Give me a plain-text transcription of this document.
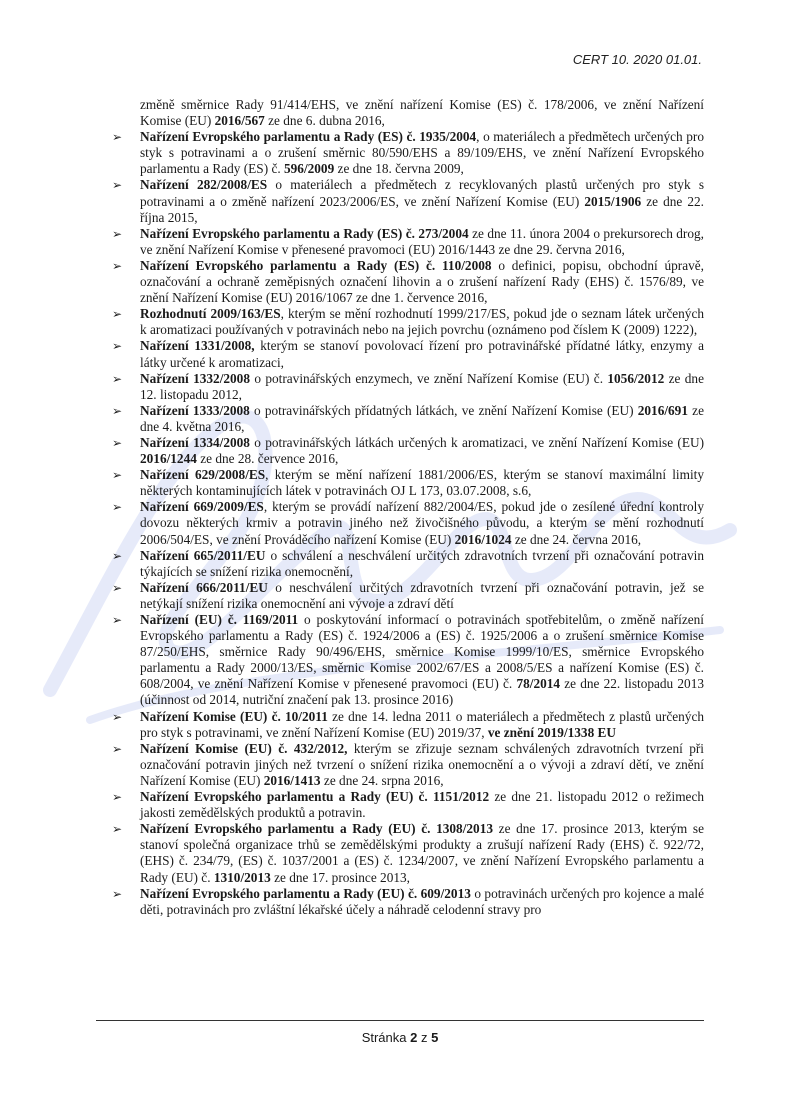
CERT 10. 2020 01.01.

změně směrnice Rady 91/414/EHS, ve znění nařízení Komise (ES) č. 178/2006, ve znění Nařízení Komise (EU) 2016/567 ze dne 6. dubna 2016,

➢ Nařízení Evropského parlamentu a Rady (ES) č. 1935/2004, o materiálech a předmětech určených pro styk s potravinami a o zrušení směrnic 80/590/EHS a 89/109/EHS, ve znění Nařízení Evropského parlamentu a Rady (ES) č. 596/2009 ze dne 18. června 2009,

➢ Nařízení 282/2008/ES o materiálech a předmětech z recyklovaných plastů určených pro styk s potravinami a o změně nařízení 2023/2006/ES, ve znění Nařízení Komise (EU) 2015/1906 ze dne 22. října 2015,

➢ Nařízení Evropského parlamentu a Rady (ES) č. 273/2004 ze dne 11. února 2004 o prekursorech drog, ve znění Nařízení Komise v přenesené pravomoci (EU) 2016/1443 ze dne 29. června 2016,

➢ Nařízení Evropského parlamentu a Rady (ES) č. 110/2008 o definici, popisu, obchodní úpravě, označování a ochraně zeměpisných označení lihovin a o zrušení nařízení Rady (EHS) č. 1576/89, ve znění Nařízení Komise (EU) 2016/1067 ze dne 1. července 2016,

➢ Rozhodnutí 2009/163/ES, kterým se mění rozhodnutí 1999/217/ES, pokud jde o seznam látek určených k aromatizaci používaných v potravinách nebo na jejich povrchu (oznámeno pod číslem K (2009) 1222),

➢ Nařízení 1331/2008, kterým se stanoví povolovací řízení pro potravinářské přídatné látky, enzymy a látky určené k aromatizaci,

➢ Nařízení 1332/2008 o potravinářských enzymech, ve znění Nařízení Komise (EU) č. 1056/2012 ze dne 12. listopadu 2012,

➢ Nařízení 1333/2008 o potravinářských přídatných látkách, ve znění Nařízení Komise (EU) 2016/691 ze dne 4. května 2016,

➢ Nařízení 1334/2008 o potravinářských látkách určených k aromatizaci, ve znění Nařízení Komise (EU) 2016/1244 ze dne 28. července 2016,

➢ Nařízení 629/2008/ES, kterým se mění nařízení 1881/2006/ES, kterým se stanoví maximální limity některých kontaminujících látek v potravinách OJ L 173, 03.07.2008, s.6,

➢ Nařízení 669/2009/ES, kterým se provádí nařízení 882/2004/ES, pokud jde o zesílené úřední kontroly dovozu některých krmiv a potravin jiného než živočišného původu, a kterým se mění rozhodnutí 2006/504/ES, ve znění Prováděcího nařízení Komise (EU) 2016/1024 ze dne 24. června 2016,

➢ Nařízení 665/2011/EU o schválení a neschválení určitých zdravotních tvrzení při označování potravin týkajících se snížení rizika onemocnění,

➢ Nařízení 666/2011/EU o neschválení určitých zdravotních tvrzení při označování potravin, jež se netýkají snížení rizika onemocnění ani vývoje a zdraví dětí

➢ Nařízení (EU) č. 1169/2011 o poskytování informací o potravinách spotřebitelům, o změně nařízení Evropského parlamentu a Rady (ES) č. 1924/2006 a (ES) č. 1925/2006 a o zrušení směrnice Komise 87/250/EHS, směrnice Rady 90/496/EHS, směrnice Komise 1999/10/ES, směrnice Evropského parlamentu a Rady 2000/13/ES, směrnic Komise 2002/67/ES a 2008/5/ES a nařízení Komise (ES) č. 608/2004, ve znění Nařízení Komise v přenesené pravomoci (EU) č. 78/2014 ze dne 22. listopadu 2013 (účinnost od 2014, nutriční značení pak 13. prosince 2016)

➢ Nařízení Komise (EU) č. 10/2011 ze dne 14. ledna 2011 o materiálech a předmětech z plastů určených pro styk s potravinami, ve znění Nařízení Komise (EU) 2019/37, ve znění 2019/1338 EU

➢ Nařízení Komise (EU) č. 432/2012, kterým se zřizuje seznam schválených zdravotních tvrzení při označování potravin jiných než tvrzení o snížení rizika onemocnění a o vývoji a zdraví dětí, ve znění Nařízení Komise (EU) 2016/1413 ze dne 24. srpna 2016,

➢ Nařízení Evropského parlamentu a Rady (EU) č. 1151/2012 ze dne 21. listopadu 2012 o režimech jakosti zemědělských produktů a potravin.

➢ Nařízení Evropského parlamentu a Rady (EU) č. 1308/2013 ze dne 17. prosince 2013, kterým se stanoví společná organizace trhů se zemědělskými produkty a zrušují nařízení Rady (EHS) č. 922/72, (EHS) č. 234/79, (ES) č. 1037/2001 a (ES) č. 1234/2007, ve znění Nařízení Evropského parlamentu a Rady (EU) č. 1310/2013 ze dne 17. prosince 2013,

➢ Nařízení Evropského parlamentu a Rady (EU) č. 609/2013 o potravinách určených pro kojence a malé děti, potravinách pro zvláštní lékařské účely a náhradě celodenní stravy pro

Stránka 2 z 5
